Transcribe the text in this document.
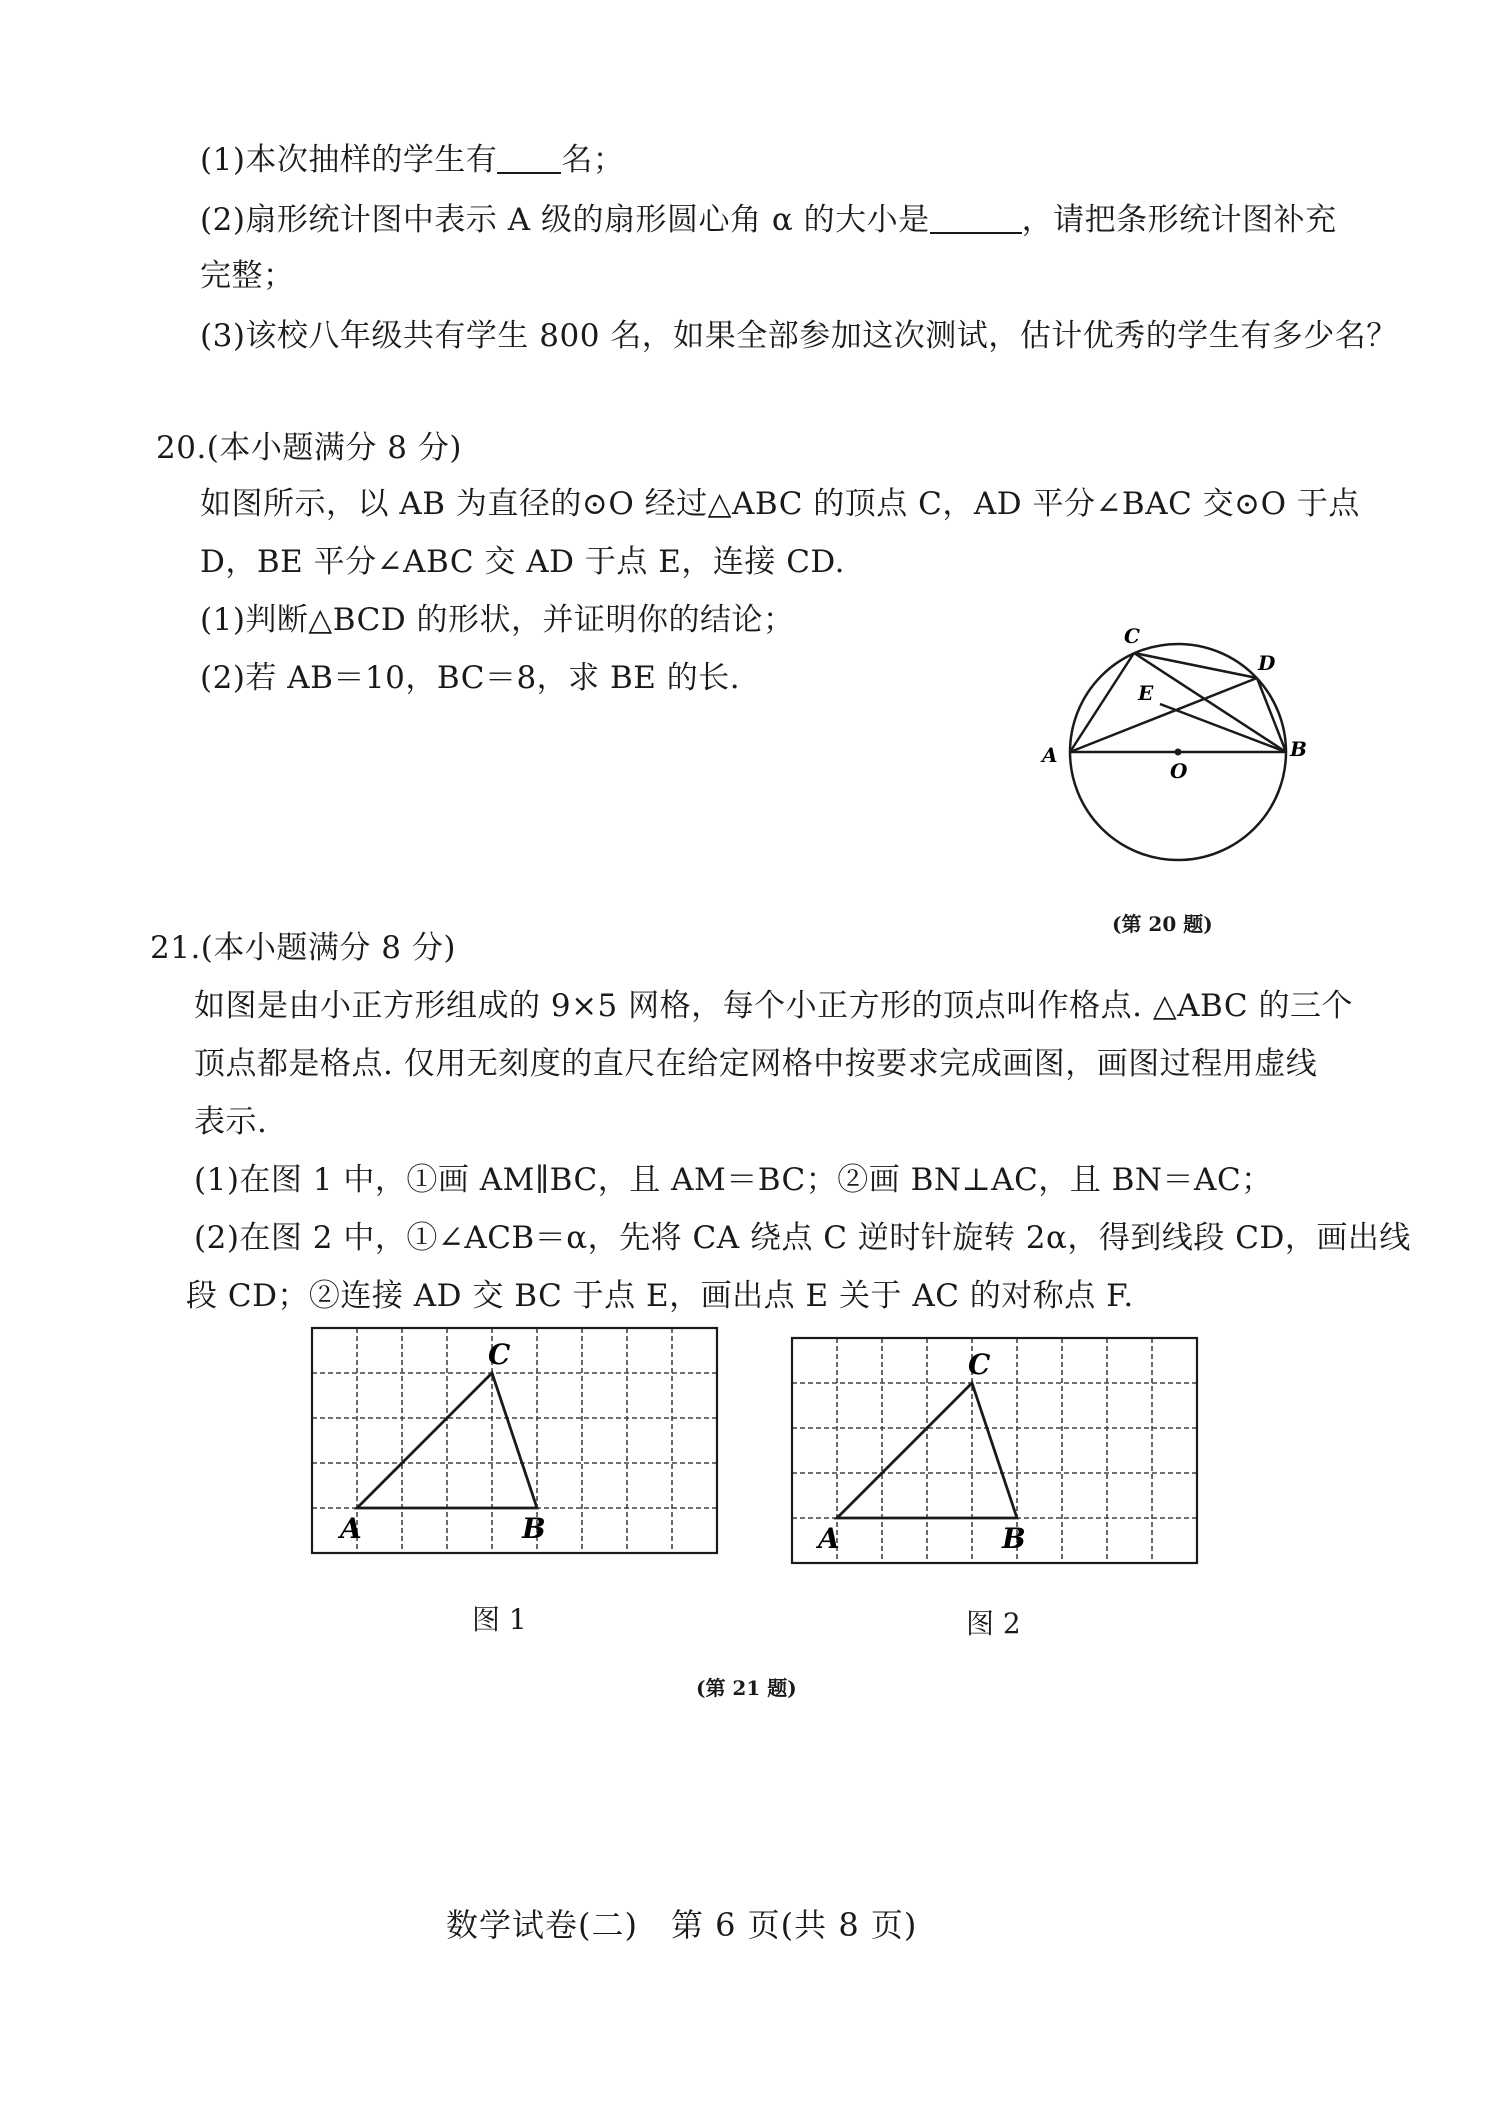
(1)本次抽样的学生有 名；
(2)扇形统计图中表示 A 级的扇形圆心角 α 的大小是	，请把条形统计图补充
完整；
(3)该校八年级共有学生 800 名，如果全部参加这次测试，估计优秀的学生有多少名？
20.(本小题满分 8 分)
如图所示，以 AB 为直径的⊙O 经过△ABC 的顶点 C，AD 平分∠BAC 交⊙O 于点
D，BE 平分∠ABC 交 AD 于点 E，连接 CD.
(1)判断△BCD 的形状，并证明你的结论；
(2)若 AB＝10，BC＝8，求 BE 的长.
A	B
C
D
E
O
(第 20 题)
21.(本小题满分 8 分)
如图是由小正方形组成的 9×5 网格，每个小正方形的顶点叫作格点. △ABC 的三个
顶点都是格点. 仅用无刻度的直尺在给定网格中按要求完成画图，画图过程用虚线
表示.
(1)在图 1 中，①画 AM∥BC，且 AM＝BC；②画 BN⊥AC，且 BN＝AC；
(2)在图 2 中，①∠ACB＝α，先将 CA 绕点 C 逆时针旋转 2α，得到线段 CD，画出线
段 CD；②连接 AD 交 BC 于点 E，画出点 E 关于 AC 的对称点 F.
A	B
C
图 1
A	B
C
图 2
(第 21 题)
数学试卷(二)　第 6 页(共 8 页)
